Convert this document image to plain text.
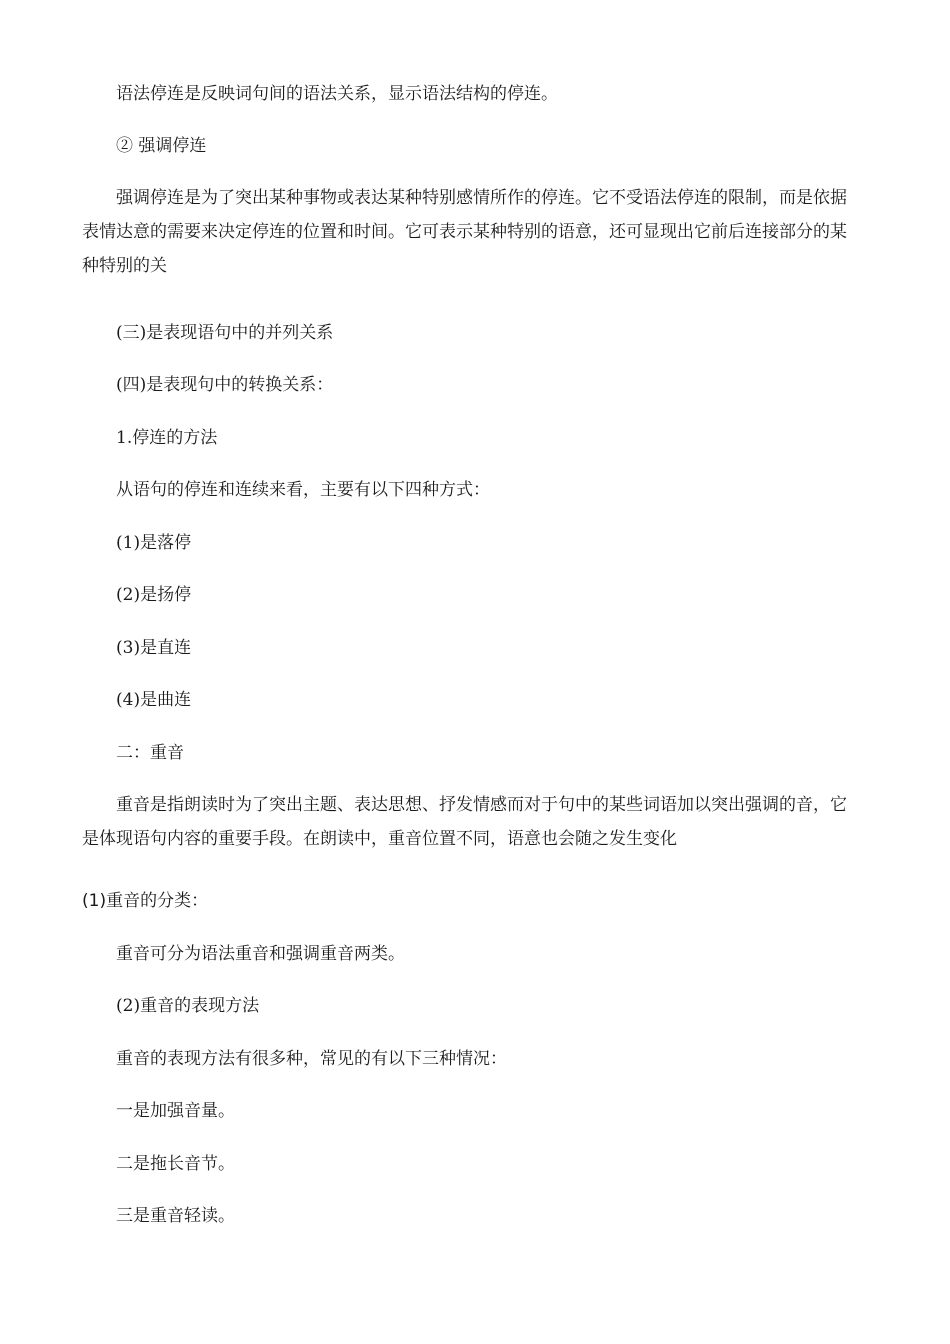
语法停连是反映词句间的语法关系，显示语法结构的停连。

② 强调停连

强调停连是为了突出某种事物或表达某种特别感情所作的停连。它不受语法停连的限制，而是依据表情达意的需要来决定停连的位置和时间。它可表示某种特别的语意，还可显现出它前后连接部分的某种特别的关

(三)是表现语句中的并列关系

(四)是表现句中的转换关系：

1.停连的方法

从语句的停连和连续来看，主要有以下四种方式：

(1)是落停

(2)是扬停

(3)是直连

(4)是曲连

二：重音

重音是指朗读时为了突出主题、表达思想、抒发情感而对于句中的某些词语加以突出强调的音，它是体现语句内容的重要手段。在朗读中，重音位置不同，语意也会随之发生变化

(1)重音的分类：

重音可分为语法重音和强调重音两类。

(2)重音的表现方法

重音的表现方法有很多种，常见的有以下三种情况：

一是加强音量。

二是拖长音节。

三是重音轻读。
